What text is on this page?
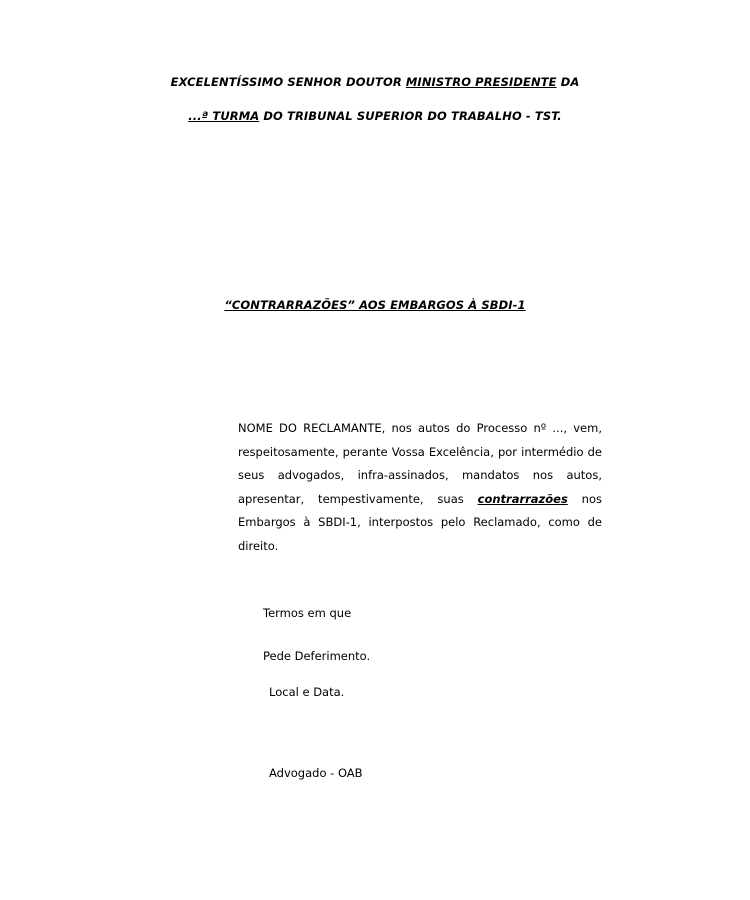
EXCELENTÍSSIMO SENHOR DOUTOR MINISTRO PRESIDENTE DA
...ª TURMA DO TRIBUNAL SUPERIOR DO TRABALHO - TST.
“CONTRARRAZÕES” AOS EMBARGOS À SBDI-1
NOME DO RECLAMANTE, nos autos do Processo nº ..., vem, respeitosamente, perante Vossa Excelência, por intermédio de seus advogados, infra-assinados, mandatos nos autos, apresentar, tempestivamente, suas contrarrazões nos Embargos à SBDI-1, interpostos pelo Reclamado, como de direito.
Termos em que
Pede Deferimento.
Local e Data.
Advogado - OAB
